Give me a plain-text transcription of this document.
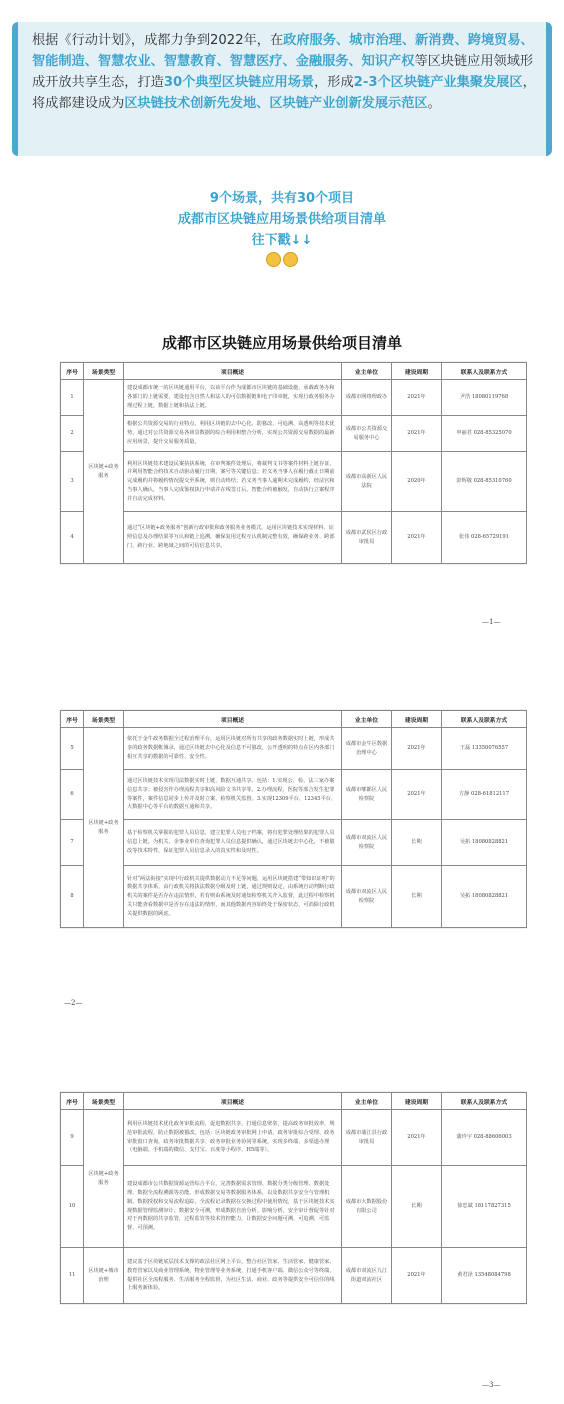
根据《行动计划》，成都力争到2022年，在政府服务、城市治理、新消费、跨境贸易、智能制造、智慧农业、智慧教育、智慧医疗、金融服务、知识产权等区块链应用领域形成开放共享生态，打造30个典型区块链应用场景，形成2-3个区块链产业集聚发展区，将成都建设成为区块链技术创新先发地、区块链产业创新发展示范区。
9个场景，共有30个项目
成都市区块链应用场景供给项目清单
往下戳↓↓
成都市区块链应用场景供给项目清单
序号	场景类型	项目概述	业主单位	建设周期	联系人及联系方式
1	区块链+政务服务	建设成都市统一的区块链通用平台，以该平台作为成都市区块链的基础设施，承载政务办和各部门的上链需要，建设包含自然人和法人的可信数据链和电子印章链，实现行政务服务办理过程上链，数据上链和执法上链。	成都市网络理政办	2021年	尹浩 18080119768
2		根据公共资源交易的行业特点，利用区块链的去中心化、防篡改、可追溯、高透明等技术优势，通过对公共资源交易各场景数据的综合利用和整合分析，实现公共资源交易数据的最新应用场景，提升交易服务质量。	成都市公共资源交易服务中心	2021年	申丽君 028-85325070
3		利用区块链技术建设民案执执系统，在审判案件处理后，将裁判文书等案件材料上链存证，并利用智能合约技术自动驱动履行日期、案号等关键信息；若义务当事人在履行截止日期前完成履约并将履约情况提交至系统，则自动终结；若义务当事人逾期未完成履约，经法官和当事人确认，当事人完成鉴权执行申请并在线签订后，智能合约被触发，自动执行立案程序并自动完成材料。	成都市高新区人民法院	2020年	彭辉敬 028-85310760
4		通过“区块链+政务服务”创新行政审批和政务服务业务模式，运用区块链技术实现材料、证照信息及办理结果等互认和链上追溯，确保复用过程互认机制完整有效，确保跨业务、跨部门、跨行业、跨地域之间的可信信息共享。	成都市武侯区行政审批局	2021年	张伟 028-65729191
—1—
序号	场景类型	项目概述	业主单位	建设周期	联系人及联系方式
5	区块链+政务服务	依托于金牛政务数据全过程治理平台，运用区块链对所有共享的政务数据实时上链，形成共享的政务数据帐簿录，通过区块链去中心化及信息不可篡改，公开透明的特点在区内各部门相互共享的数据的可靠性、安全性。	成都市金牛区数据治理中心	2021年	王磊 13350076557
6		通过区块链技术实现司法数据实时上链、数据互通共享。包括：1.实现公、检、法三家办案信息共享；被侵害作办理流程共享和高风险文书共享等。2.办理流程、医院等部合发生犯罪等案件，案件信息同步上传并及时立案、检察机关监督。3.实现12309平台、12345平台、大数据中心等平台的数据互通和共享。	成都市郫都区人民检察院	2021年	方静 028-61812117
7		基于检察机关掌握的犯罪人员信息，建立犯罪人员电子档案，将有犯罪处理结果的犯罪人员信息上链。为机关、企事业单位查询犯罪人员信息提供确认，通过区块链去中心化，不被篡改等技术特性，保证犯罪人员信息录入的真实性和及时性。	成都市双流区人民检察院	长期	吴拓 18080828821
8		针对“两法衔接”实现中行政机关提供数据动力不足等问题，运用区块链搭建“带知识证明”的数据共享体系，由行政机关将执法数据分级及时上链，通过规则设定，由系统自动判断行政机关的案件是否存在违法情形，若有则由系统及时通知检察机关介入监督，此过程中检察机关只能查看数据中是否存在违法的情形，而其他数据内容始终处于保密状态，可消除行政机关提供数据的顾虑。	成都市双流区人民检察院	长期	吴拓 18080828821
—2—
序号	场景类型	项目概述	业主单位	建设周期	联系人及联系方式
9	区块链+政务服务	利用区块链技术优化政务审批流程，促进数据共享，打通信息壁垒，提高政务审批效率，规范审批流程，防止数据被篡改。包括：区块链政务审批网上申请，政务审批综合受理、政务审批窗口查询，政务审批数据共享、政务审批业务协同等系统，实现多终端、多渠道办理（电脑端、手机端的微信、支付宝、百度等小程序、H5端等）。	成都市蒲江县行政审批局	2021年	蒲玲宇 028-88606003
10		建设成都市公共数据资源运营综合平台，完善数据需求管理、数据分类分级管理、数据处理、数据全流程溯源等功能，形成数据交易等数据服务体系，以及数据共享安全与管理机制。数据授权和交易流程追踪，全流程记录数据在交换过程中使用情况，基于区块链技术实现数据管理监测审计、数据安全可溯，形成数据自治分析、影响分析、安全审计督促等针对对于内数据的共享监管，过程监管等技术管控能力，让数据安全问题可溯、可追溯、可监督、可预测。	成都市大数据股份有限公司	长期	徐忠斌 18117827315
11	区块链+城市治理	建议基于区块链底层技术支撑的政法社区网上平台，整合社区管家、生活管家、健康管家、教育管家以及商业管理系统、物业管理等业务系统，打通手机客户端、微信公众号等终端，提供社区全流程服务、生活服务全程监督，为社区生活、商业、政务等提供安全可信任的线上服务新体验。	成都市双流区九江街道双流社区	2021年	黄君泽 13548084798
—3—
